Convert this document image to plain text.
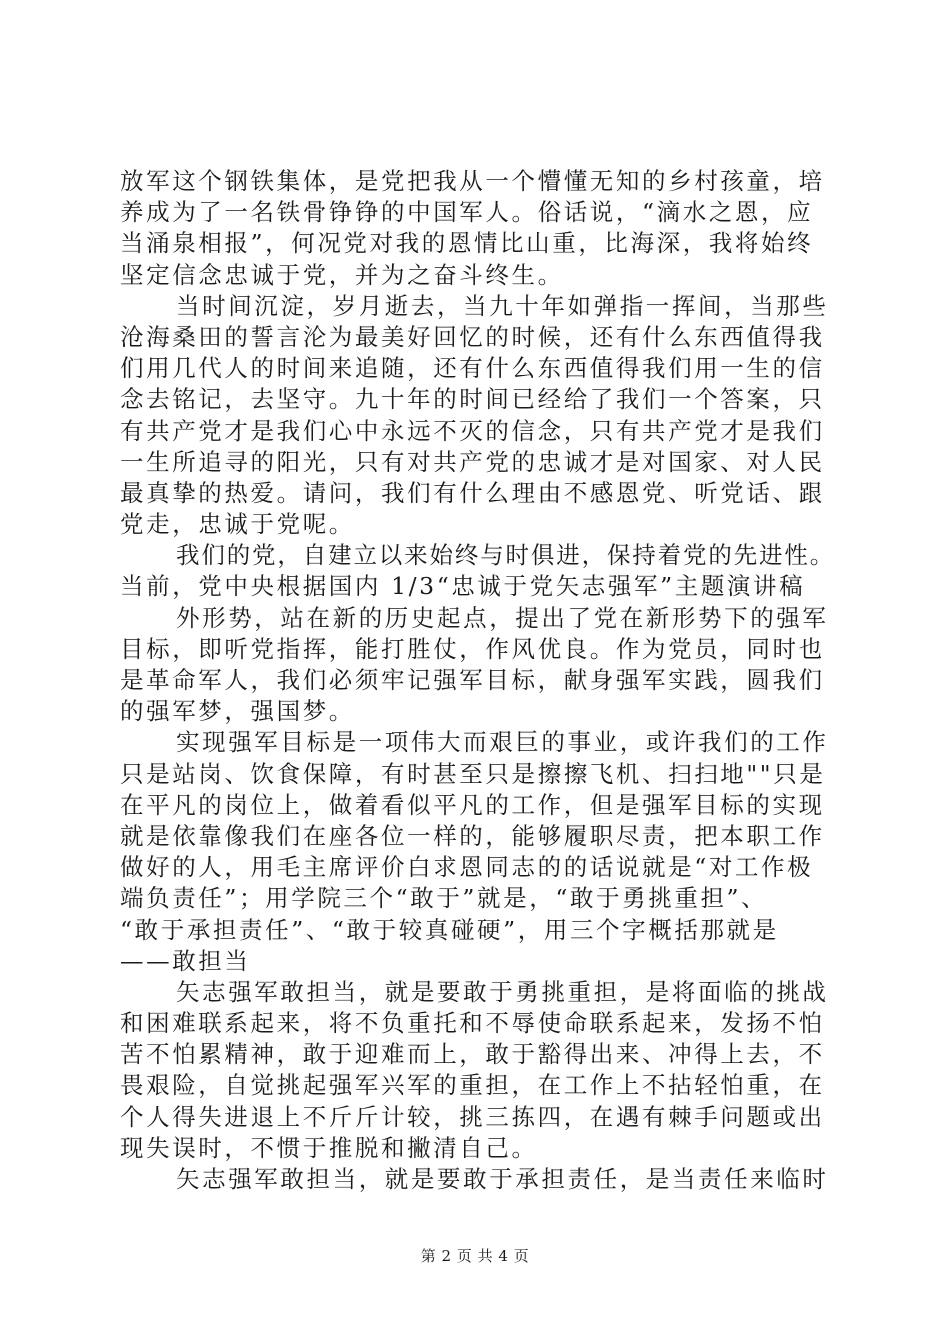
放军这个钢铁集体，是党把我从一个懵懂无知的乡村孩童，培
养成为了一名铁骨铮铮的中国军人。俗话说，“滴水之恩，应
当涌泉相报”，何况党对我的恩情比山重，比海深，我将始终
坚定信念忠诚于党，并为之奋斗终生。
当时间沉淀，岁月逝去，当九十年如弹指一挥间，当那些
沧海桑田的誓言沦为最美好回忆的时候，还有什么东西值得我
们用几代人的时间来追随，还有什么东西值得我们用一生的信
念去铭记，去坚守。九十年的时间已经给了我们一个答案，只
有共产党才是我们心中永远不灭的信念，只有共产党才是我们
一生所追寻的阳光，只有对共产党的忠诚才是对国家、对人民
最真挚的热爱。请问，我们有什么理由不感恩党、听党话、跟
党走，忠诚于党呢。
我们的党，自建立以来始终与时俱进，保持着党的先进性。
当前，党中央根据国内 1/3“忠诚于党矢志强军”主题演讲稿
外形势，站在新的历史起点，提出了党在新形势下的强军
目标，即听党指挥，能打胜仗，作风优良。作为党员，同时也
是革命军人，我们必须牢记强军目标，献身强军实践，圆我们
的强军梦，强国梦。
实现强军目标是一项伟大而艰巨的事业，或许我们的工作
只是站岗、饮食保障，有时甚至只是擦擦飞机、扫扫地""只是
在平凡的岗位上，做着看似平凡的工作，但是强军目标的实现
就是依靠像我们在座各位一样的，能够履职尽责，把本职工作
做好的人，用毛主席评价白求恩同志的的话说就是“对工作极
端负责任”；用学院三个“敢于”就是，“敢于勇挑重担”、
“敢于承担责任”、“敢于较真碰硬”，用三个字概括那就是
——敢担当
矢志强军敢担当，就是要敢于勇挑重担，是将面临的挑战
和困难联系起来，将不负重托和不辱使命联系起来，发扬不怕
苦不怕累精神，敢于迎难而上，敢于豁得出来、冲得上去，不
畏艰险，自觉挑起强军兴军的重担，在工作上不拈轻怕重，在
个人得失进退上不斤斤计较，挑三拣四，在遇有棘手问题或出
现失误时，不惯于推脱和撇清自己。
矢志强军敢担当，就是要敢于承担责任，是当责任来临时
第 2 页 共 4 页
